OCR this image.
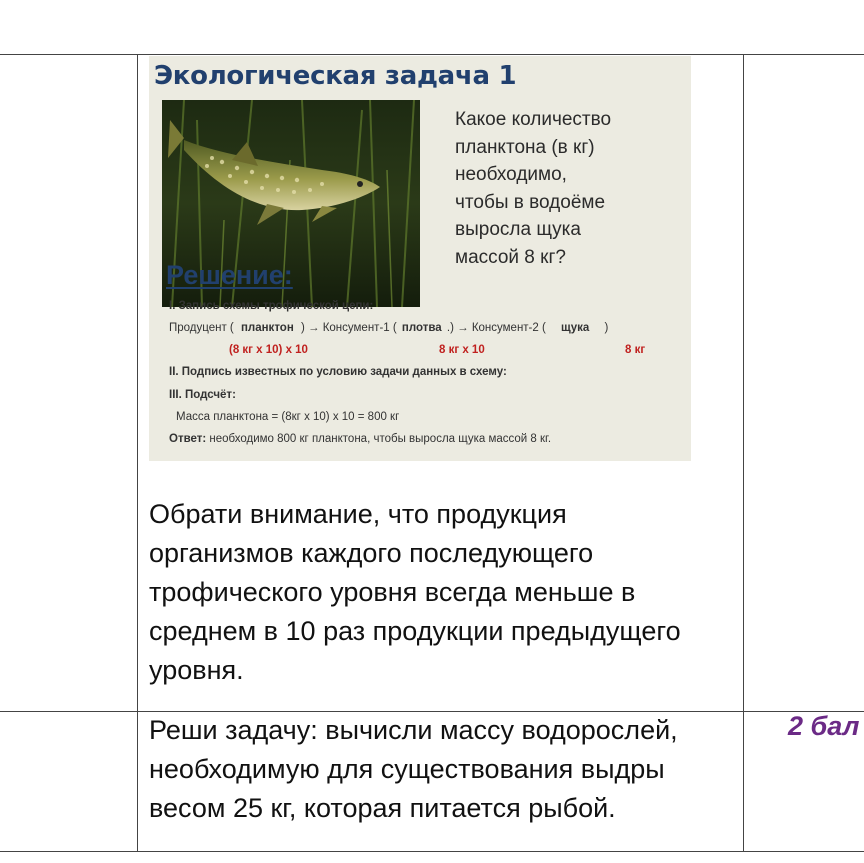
Экологическая задача 1
Какое количество
планктона (в кг)
необходимо,
чтобы в водоёме
выросла щука
массой 8 кг?
Решение:
I. Запись схемы трофической цепи:
Продуцент ( планктон ) → Консумент-1 ( плотва .) → Консумент-2 ( щука )
(8 кг х 10) х 10	8 кг х 10	8 кг
II. Подпись известных по условию задачи данных в схему:
III. Подсчёт:
Масса планктона = (8кг х 10) х 10 = 800 кг
Ответ: необходимо 800 кг планктона, чтобы выросла щука массой 8 кг.
Обрати внимание, что продукция организмов каждого последующего трофического уровня всегда меньше в среднем в 10 раз продукции предыдущего уровня.
Реши задачу: вычисли массу водорослей, необходимую для существования выдры весом 25 кг, которая питается рыбой.
2 бал
